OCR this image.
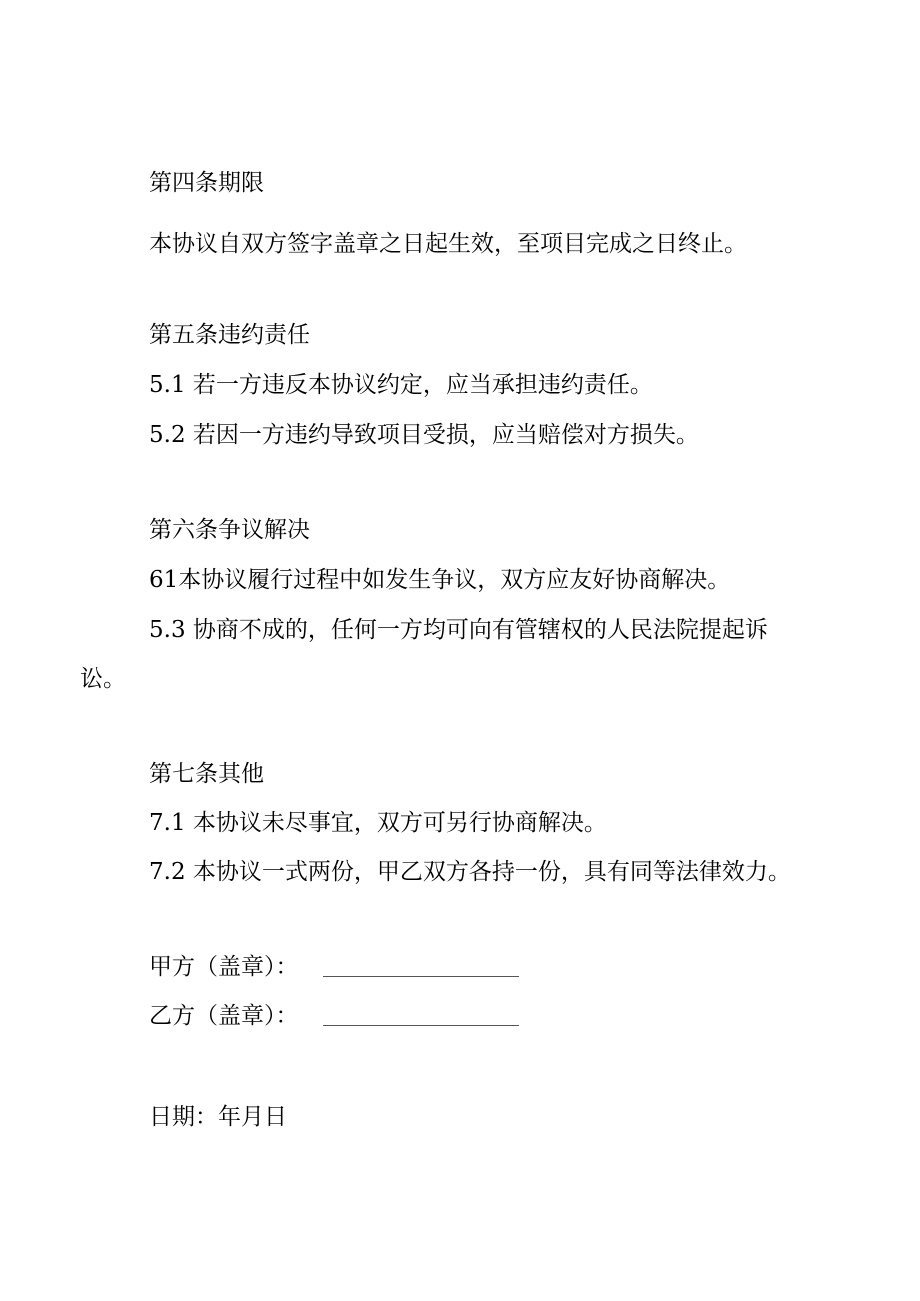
第四条期限
本协议自双方签字盖章之日起生效，至项目完成之日终止。
第五条违约责任
5.1 若一方违反本协议约定，应当承担违约责任。
5.2 若因一方违约导致项目受损，应当赔偿对方损失。
第六条争议解决
61本协议履行过程中如发生争议，双方应友好协商解决。
5.3 协商不成的，任何一方均可向有管辖权的人民法院提起诉
讼。
第七条其他
7.1 本协议未尽事宜，双方可另行协商解决。
7.2 本协议一式两份，甲乙双方各持一份，具有同等法律效力。
甲方（盖章）：
乙方（盖章）：
日期：年月日
